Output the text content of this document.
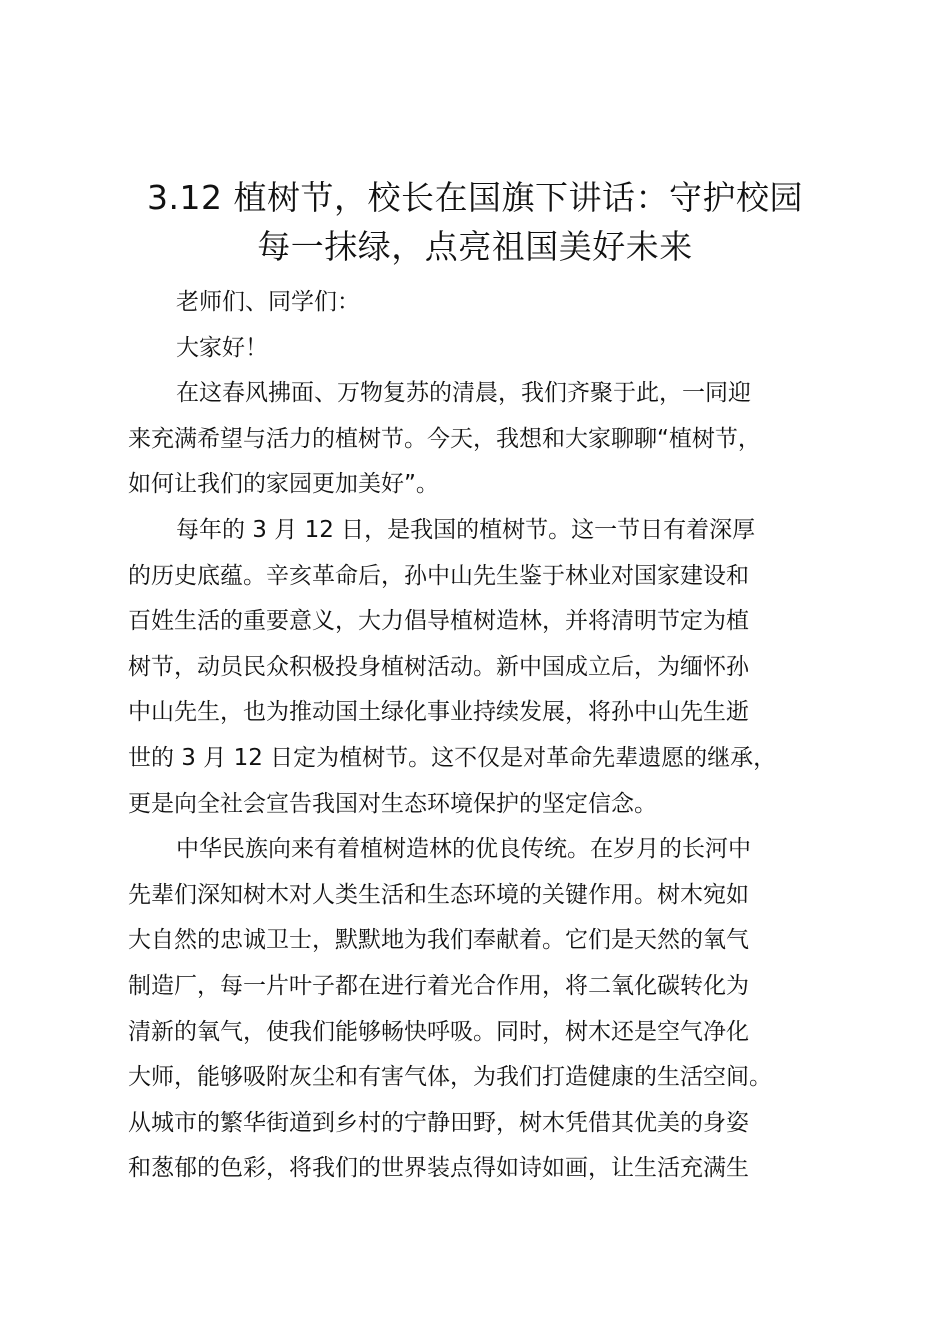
3.12 植树节，校长在国旗下讲话：守护校园
每一抹绿，点亮祖国美好未来
老师们、同学们：
大家好！
在这春风拂面、万物复苏的清晨，我们齐聚于此，一同迎
来充满希望与活力的植树节。今天，我想和大家聊聊“植树节，
如何让我们的家园更加美好”。
每年的 3 月 12 日，是我国的植树节。这一节日有着深厚
的历史底蕴。辛亥革命后，孙中山先生鉴于林业对国家建设和
百姓生活的重要意义，大力倡导植树造林，并将清明节定为植
树节，动员民众积极投身植树活动。新中国成立后，为缅怀孙
中山先生，也为推动国土绿化事业持续发展，将孙中山先生逝
世的 3 月 12 日定为植树节。这不仅是对革命先辈遗愿的继承，
更是向全社会宣告我国对生态环境保护的坚定信念。
中华民族向来有着植树造林的优良传统。在岁月的长河中
先辈们深知树木对人类生活和生态环境的关键作用。树木宛如
大自然的忠诚卫士，默默地为我们奉献着。它们是天然的氧气
制造厂，每一片叶子都在进行着光合作用，将二氧化碳转化为
清新的氧气，使我们能够畅快呼吸。同时，树木还是空气净化
大师，能够吸附灰尘和有害气体，为我们打造健康的生活空间。
从城市的繁华街道到乡村的宁静田野，树木凭借其优美的身姿
和葱郁的色彩，将我们的世界装点得如诗如画，让生活充满生
